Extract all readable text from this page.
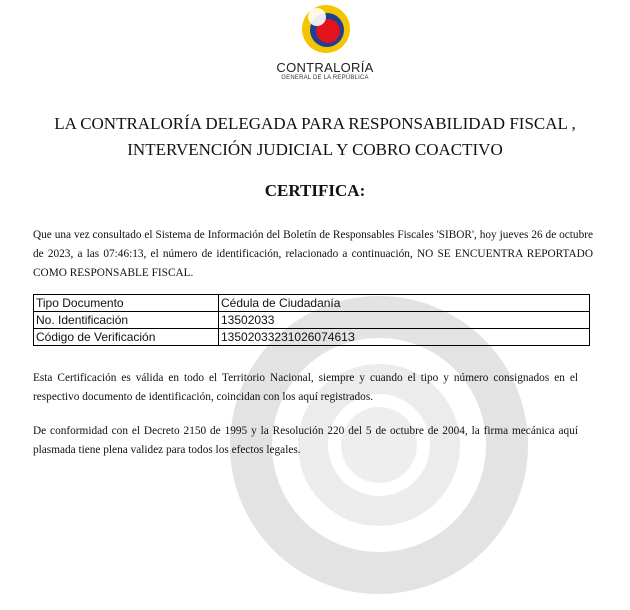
CONTRALORÍA
GENERAL DE LA REPÚBLICA
LA CONTRALORÍA DELEGADA PARA RESPONSABILIDAD FISCAL ,
INTERVENCIÓN JUDICIAL Y COBRO COACTIVO
CERTIFICA:

Que una vez consultado el Sistema de Información del Boletín de Responsables Fiscales 'SIBOR', hoy jueves 26 de octubre de 2023, a las 07:46:13, el número de identificación, relacionado a continuación, NO SE ENCUENTRA REPORTADO COMO RESPONSABLE FISCAL.

Tipo Documento	Cédula de Ciudadanía
No. Identificación	13502033
Código de Verificación	1350203323102607461З

Esta Certificación es válida en todo el Territorio Nacional, siempre y cuando el tipo y número consignados en el respectivo documento de identificación, coincidan con los aquí registrados.

De conformidad con el Decreto 2150 de 1995 y la Resolución 220 del 5 de octubre de 2004, la firma mecánica aquí plasmada tiene plena validez para todos los efectos legales.
